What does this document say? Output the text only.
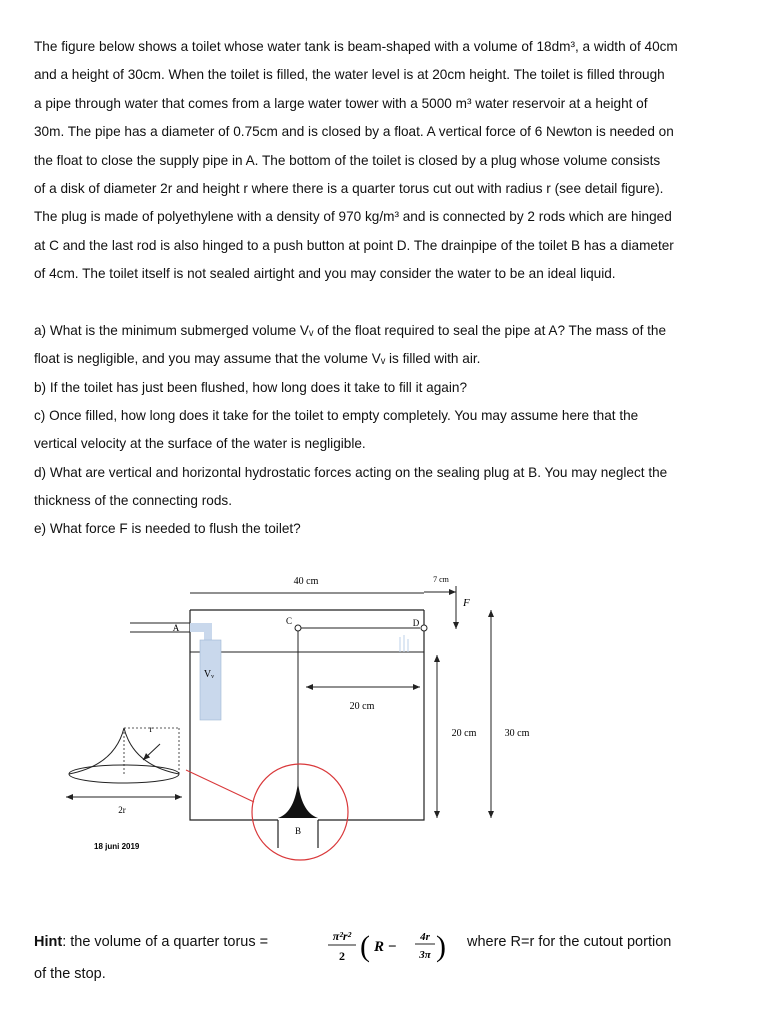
The figure below shows a toilet whose water tank is beam-shaped with a volume of 18dm³, a width of 40cm

and a height of 30cm. When the toilet is filled, the water level is at 20cm height. The toilet is filled through

a pipe through water that comes from a large water tower with a 5000 m³ water reservoir at a height of

30m. The pipe has a diameter of 0.75cm and is closed by a float. A vertical force of 6 Newton is needed on

the float to close the supply pipe in A. The bottom of the toilet is closed by a plug whose volume consists

of a disk of diameter 2r and height r where there is a quarter torus cut out with radius r (see detail figure).

The plug is made of polyethylene with a density of 970 kg/m³ and is connected by 2 rods which are hinged

at C and the last rod is also hinged to a push button at point D. The drainpipe of the toilet B has a diameter

of 4cm. The toilet itself is not sealed airtight and you may consider the water to be an ideal liquid.

a) What is the minimum submerged volume Vᵥ of the float required to seal the pipe at A? The mass of the

float is negligible, and you may assume that the volume Vᵥ is filled with air.

b) If the toilet has just been flushed, how long does it take to fill it again?

c) Once filled, how long does it take for the toilet to empty completely. You may assume here that the

vertical velocity at the surface of the water is negligible.

d) What are vertical and horizontal hydrostatic forces acting on the sealing plug at B. You may neglect the

thickness of the connecting rods.

e) What force F is needed to flush the toilet?

40 cm	7 cm
F⃗
B
A
Vᵥ
C	D
20 cm
20 cm	30 cm
r
2r
18 juni 2019
Hint: the volume of a quarter torus =	π²r²
2 ( R −
4r
3π ) where R=r for the cutout portion
of the stop.
